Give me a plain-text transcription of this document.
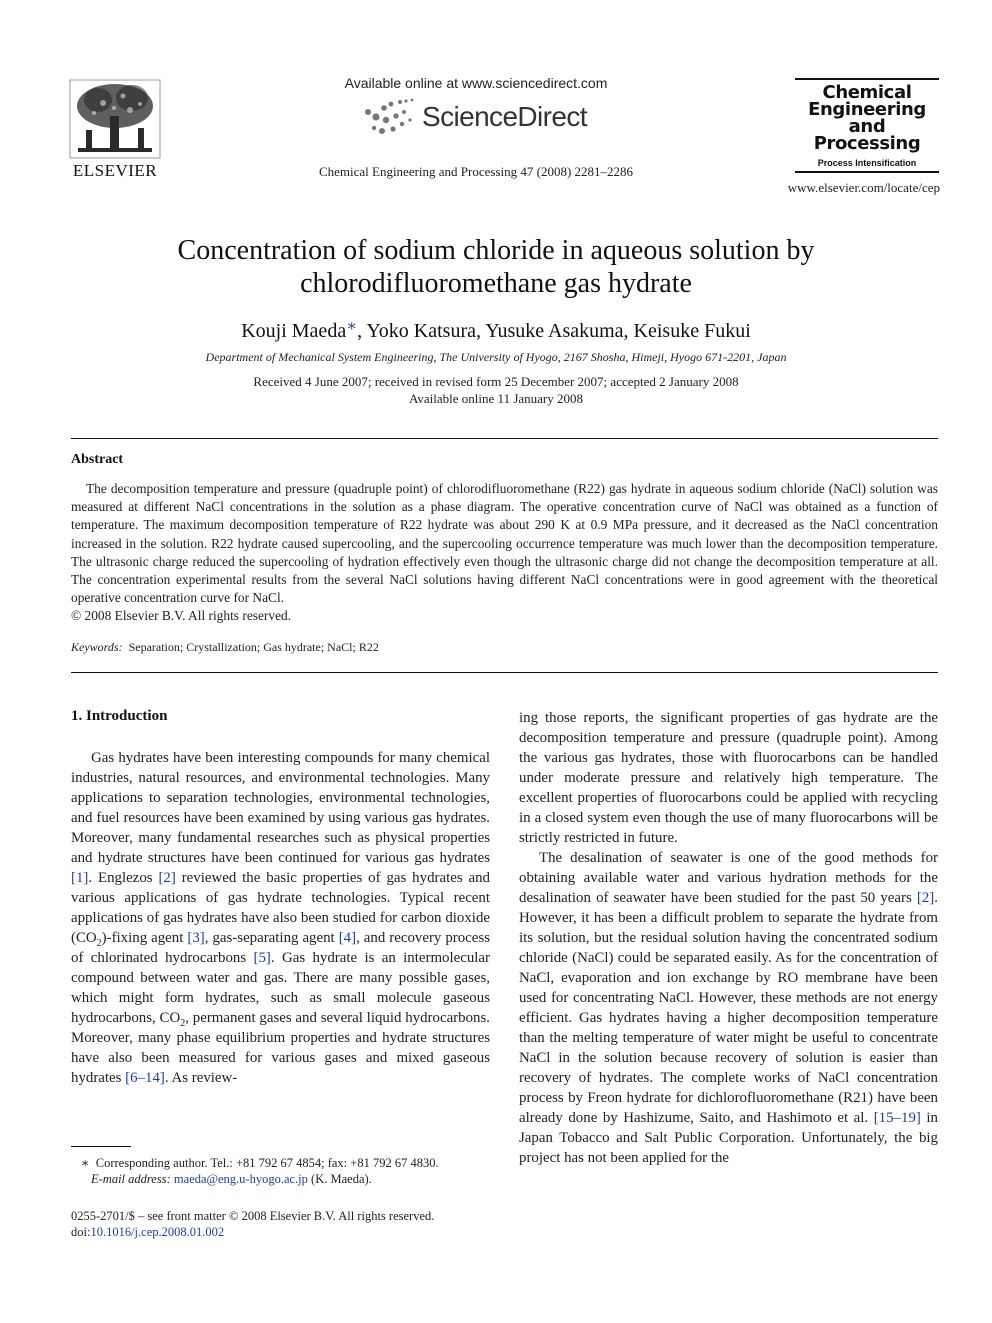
ELSEVIER
Available online at www.sciencedirect.com
ScienceDirect
Chemical Engineering and Processing 47 (2008) 2281–2286
Chemical
Engineering
and
Processing
Process Intensification
www.elsevier.com/locate/cep
Concentration of sodium chloride in aqueous solution by
chlorodifluoromethane gas hydrate
Kouji Maeda∗, Yoko Katsura, Yusuke Asakuma, Keisuke Fukui
Department of Mechanical System Engineering, The University of Hyogo, 2167 Shosha, Himeji, Hyogo 671-2201, Japan
Received 4 June 2007; received in revised form 25 December 2007; accepted 2 January 2008
Available online 11 January 2008
Abstract

The decomposition temperature and pressure (quadruple point) of chlorodifluoromethane (R22) gas hydrate in aqueous sodium chloride (NaCl) solution was measured at different NaCl concentrations in the solution as a phase diagram. The operative concentration curve of NaCl was obtained as a function of temperature. The maximum decomposition temperature of R22 hydrate was about 290 K at 0.9 MPa pressure, and it decreased as the NaCl concentration increased in the solution. R22 hydrate caused supercooling, and the supercooling occurrence temperature was much lower than the decomposition temperature. The ultrasonic charge reduced the supercooling of hydration effectively even though the ultrasonic charge did not change the decomposition temperature at all. The concentration experimental results from the several NaCl solutions having different NaCl concentrations were in good agreement with the theoretical operative concentration curve for NaCl.

© 2008 Elsevier B.V. All rights reserved.
Keywords: Separation; Crystallization; Gas hydrate; NaCl; R22
1. Introduction

Gas hydrates have been interesting compounds for many chemical industries, natural resources, and environmental technologies. Many applications to separation technologies, environmental technologies, and fuel resources have been examined by using various gas hydrates. Moreover, many fundamental researches such as physical properties and hydrate structures have been continued for various gas hydrates [1]. Englezos [2] reviewed the basic properties of gas hydrates and various applications of gas hydrate technologies. Typical recent applications of gas hydrates have also been studied for carbon dioxide $(CO_2)$-fixing agent [3], gas-separating agent [4], and recovery process of chlorinated hydrocarbons [5]. Gas hydrate is an intermolecular compound between water and gas. There are many possible gases, which might form hydrates, such as small molecule gaseous hydrocarbons, $CO_2$, permanent gases and several liquid hydrocarbons. Moreover, many phase equilibrium properties and hydrate structures have also been measured for various gases and mixed gaseous hydrates [6–14]. As review-

ing those reports, the significant properties of gas hydrate are the decomposition temperature and pressure (quadruple point). Among the various gas hydrates, those with fluorocarbons can be handled under moderate pressure and relatively high temperature. The excellent properties of fluorocarbons could be applied with recycling in a closed system even though the use of many fluorocarbons will be strictly restricted in future.

The desalination of seawater is one of the good methods for obtaining available water and various hydration methods for the desalination of seawater have been studied for the past 50 years [2]. However, it has been a difficult problem to separate the hydrate from its solution, but the residual solution having the concentrated sodium chloride (NaCl) could be separated easily. As for the concentration of NaCl, evaporation and ion exchange by RO membrane have been used for concentrating NaCl. However, these methods are not energy efficient. Gas hydrates having a higher decomposition temperature than the melting temperature of water might be useful to concentrate NaCl in the solution because recovery of solution is easier than recovery of hydrates. The complete works of NaCl concentration process by Freon hydrate for dichlorofluoromethane (R21) have been already done by Hashizume, Saito, and Hashimoto et al. [15–19] in Japan Tobacco and Salt Public Corporation. Unfortunately, the big project has not been applied for the

∗ Corresponding author. Tel.: +81 792 67 4854; fax: +81 792 67 4830.
E-mail address: maeda@eng.u-hyogo.ac.jp (K. Maeda).
0255-2701/$ – see front matter © 2008 Elsevier B.V. All rights reserved.
doi:10.1016/j.cep.2008.01.002
